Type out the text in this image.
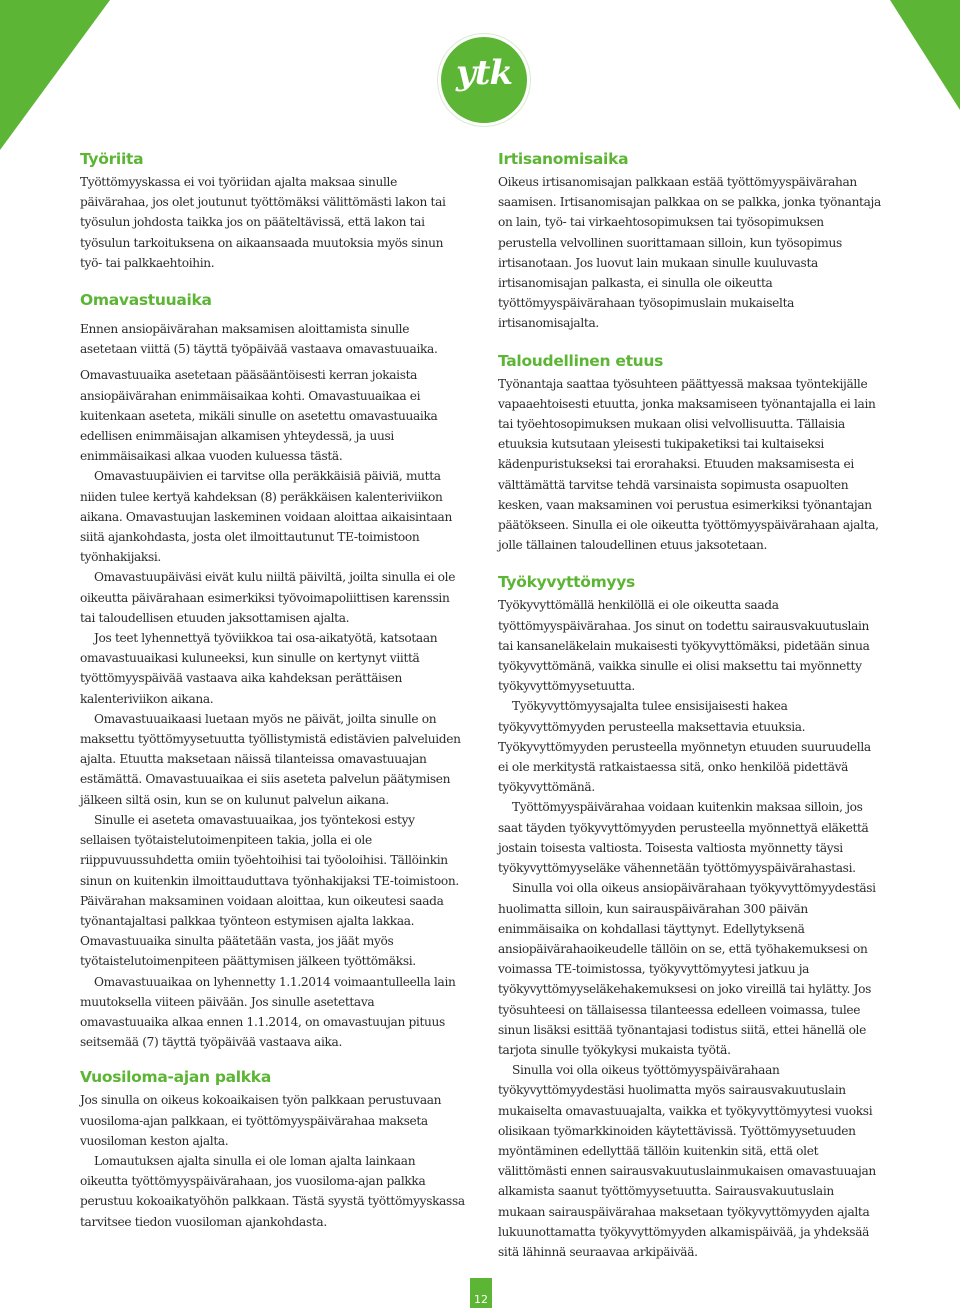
ytk
Työriita

Työttömyyskassa ei voi työriidan ajalta maksaa sinulle päivärahaa, jos olet joutunut työttömäksi välittömästi lakon tai työsulun johdosta taikka jos on pääteltävissä, että lakon tai työsulun tarkoituksena on aikaansaada muutoksia myös sinun työ- tai palkkaehtoihin.

Omavastuuaika

Ennen ansiopäivärahan maksamisen aloittamista sinulle asetetaan viittä (5) täyttä työpäivää vastaava omavastuuaika.

Omavastuuaika asetetaan pääsääntöisesti kerran jokaista ansiopäivärahan enimmäisaikaa kohti. Omavastuuaikaa ei kuitenkaan aseteta, mikäli sinulle on asetettu omavastuuaika edellisen enimmäisajan alkamisen yhteydessä, ja uusi enimmäisaikasi alkaa vuoden kuluessa tästä.

Omavastuupäivien ei tarvitse olla peräkkäisiä päiviä, mutta niiden tulee kertyä kahdeksan (8) peräkkäisen kalenteriviikon aikana. Omavastuujan laskeminen voidaan aloittaa aikaisintaan siitä ajankohdasta, josta olet ilmoittautunut TE-toimistoon työnhakijaksi.

Omavastuupäiväsi eivät kulu niiltä päiviltä, joilta sinulla ei ole oikeutta päivärahaan esimerkiksi työvoimapoliittisen karenssin tai taloudellisen etuuden jaksottamisen ajalta.

Jos teet lyhennettyä työviikkoa tai osa-aikatyötä, katsotaan omavastuuaikasi kuluneeksi, kun sinulle on kertynyt viittä työttömyyspäivää vastaava aika kahdeksan perättäisen kalenteriviikon aikana.

Omavastuuaikaasi luetaan myös ne päivät, joilta sinulle on maksettu työttömyysetuutta työllistymistä edistävien palveluiden ajalta. Etuutta maksetaan näissä tilanteissa omavastuuajan estämättä. Omavastuuaikaa ei siis aseteta palvelun päätymisen jälkeen siltä osin, kun se on kulunut palvelun aikana.

Sinulle ei aseteta omavastuuaikaa, jos työntekosi estyy sellaisen työtaistelutoimenpiteen takia, jolla ei ole riippuvuussuhdetta omiin työehtoihisi tai työoloihisi. Tällöinkin sinun on kuitenkin ilmoittauduttava työnhakijaksi TE-toimistoon. Päivärahan maksaminen voidaan aloittaa, kun oikeutesi saada työnantajaltasi palkkaa työnteon estymisen ajalta lakkaa. Omavastuuaika sinulta päätetään vasta, jos jäät myös työtaistelutoimenpiteen päättymisen jälkeen työttömäksi.

Omavastuuaikaa on lyhennetty 1.1.2014 voimaantulleella lain muutoksella viiteen päivään. Jos sinulle asetettava omavastuuaika alkaa ennen 1.1.2014, on omavastuujan pituus seitsemää (7) täyttä työpäivää vastaava aika.

Vuosiloma-ajan palkka

Jos sinulla on oikeus kokoaikaisen työn palkkaan perustuvaan vuosiloma-ajan palkkaan, ei työttömyyspäivärahaa makseta vuosiloman keston ajalta.

Lomautuksen ajalta sinulla ei ole loman ajalta lainkaan oikeutta työttömyyspäivärahaan, jos vuosiloma-ajan palkka perustuu kokoaikatyöhön palkkaan. Tästä syystä työttömyyskassa tarvitsee tiedon vuosiloman ajankohdasta.

Irtisanomisaika

Oikeus irtisanomisajan palkkaan estää työttömyyspäivärahan saamisen. Irtisanomisajan palkkaa on se palkka, jonka työnantaja on lain, työ- tai virkaehtosopimuksen tai työsopimuksen perustella velvollinen suorittamaan silloin, kun työsopimus irtisanotaan. Jos luovut lain mukaan sinulle kuuluvasta irtisanomisajan palkasta, ei sinulla ole oikeutta työttömyyspäivärahaan työsopimuslain mukaiselta irtisanomisajalta.

Taloudellinen etuus

Työnantaja saattaa työsuhteen päättyessä maksaa työntekijälle vapaaehtoisesti etuutta, jonka maksamiseen työnantajalla ei lain tai työehtosopimuksen mukaan olisi velvollisuutta. Tällaisia etuuksia kutsutaan yleisesti tukipaketiksi tai kultaiseksi kädenpuristukseksi tai erorahaksi. Etuuden maksamisesta ei välttämättä tarvitse tehdä varsinaista sopimusta osapuolten kesken, vaan maksaminen voi perustua esimerkiksi työnantajan päätökseen. Sinulla ei ole oikeutta työttömyyspäivärahaan ajalta, jolle tällainen taloudellinen etuus jaksotetaan.

Työkyvyttömyys

Työkyvyttömällä henkilöllä ei ole oikeutta saada työttömyyspäivärahaa. Jos sinut on todettu sairausvakuutuslain tai kansaneläkelain mukaisesti työkyvyttömäksi, pidetään sinua työkyvyttömänä, vaikka sinulle ei olisi maksettu tai myönnetty työkyvyttömyysetuutta.

Työkyvyttömyysajalta tulee ensisijaisesti hakea työkyvyttömyyden perusteella maksettavia etuuksia. Työkyvyttömyyden perusteella myönnetyn etuuden suuruudella ei ole merkitystä ratkaistaessa sitä, onko henkilöä pidettävä työkyvyttömänä.

Työttömyyspäivärahaa voidaan kuitenkin maksaa silloin, jos saat täyden työkyvyttömyyden perusteella myönnettyä eläkettä jostain toisesta valtiosta. Toisesta valtiosta myönnetty täysi työkyvyttömyyseläke vähennetään työttömyyspäivärahastasi.

Sinulla voi olla oikeus ansiopäivärahaan työkyvyttömyydestäsi huolimatta silloin, kun sairauspäivärahan 300 päivän enimmäisaika on kohdallasi täyttynyt. Edellytyksenä ansiopäivärahaoikeudelle tällöin on se, että työhakemuksesi on voimassa TE-toimistossa, työkyvyttömyytesi jatkuu ja työkyvyttömyyseläkehakemuksesi on joko vireillä tai hylätty. Jos työsuhteesi on tällaisessa tilanteessa edelleen voimassa, tulee sinun lisäksi esittää työnantajasi todistus siitä, ettei hänellä ole tarjota sinulle työkykysi mukaista työtä.

Sinulla voi olla oikeus työttömyyspäivärahaan työkyvyttömyydestäsi huolimatta myös sairausvakuutuslain mukaiselta omavastuuajalta, vaikka et työkyvyttömyytesi vuoksi olisikaan työmarkkinoiden käytettävissä. Työttömyysetuuden myöntäminen edellyttää tällöin kuitenkin sitä, että olet välittömästi ennen sairausvakuutuslainmukaisen omavastuuajan alkamista saanut työttömyysetuutta. Sairausvakuutuslain mukaan sairauspäivärahaa maksetaan työkyvyttömyyden ajalta lukuunottamatta työkyvyttömyyden alkamispäivää, ja yhdeksää sitä lähinnä seuraavaa arkipäivää.

12
